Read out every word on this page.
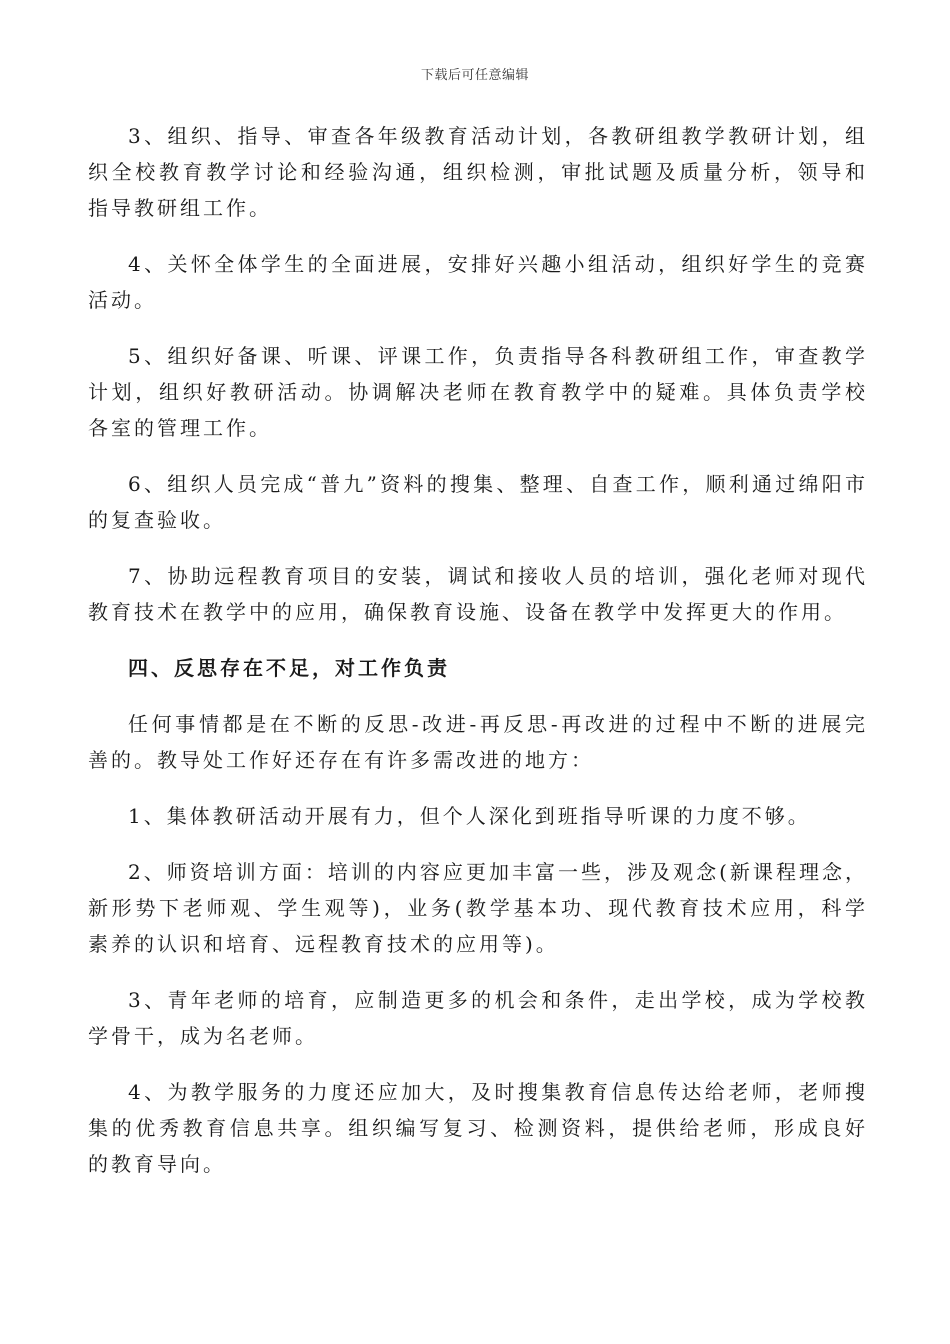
下载后可任意编辑

3、组织、指导、审查各年级教育活动计划，各教研组教学教研计划，组织全校教育教学讨论和经验沟通，组织检测，审批试题及质量分析，领导和指导教研组工作。

4、关怀全体学生的全面进展，安排好兴趣小组活动，组织好学生的竞赛活动。

5、组织好备课、听课、评课工作，负责指导各科教研组工作，审查教学计划，组织好教研活动。协调解决老师在教育教学中的疑难。具体负责学校各室的管理工作。

6、组织人员完成“普九”资料的搜集、整理、自查工作，顺利通过绵阳市的复查验收。

7、协助远程教育项目的安装，调试和接收人员的培训，强化老师对现代教育技术在教学中的应用，确保教育设施、设备在教学中发挥更大的作用。

四、反思存在不足，对工作负责

任何事情都是在不断的反思-改进-再反思-再改进的过程中不断的进展完善的。教导处工作好还存在有许多需改进的地方：

1、集体教研活动开展有力，但个人深化到班指导听课的力度不够。

2、师资培训方面：培训的内容应更加丰富一些，涉及观念(新课程理念，新形势下老师观、学生观等)，业务(教学基本功、现代教育技术应用，科学素养的认识和培育、远程教育技术的应用等)。

3、青年老师的培育，应制造更多的机会和条件，走出学校，成为学校教学骨干，成为名老师。

4、为教学服务的力度还应加大，及时搜集教育信息传达给老师，老师搜集的优秀教育信息共享。组织编写复习、检测资料，提供给老师，形成良好的教育导向。
